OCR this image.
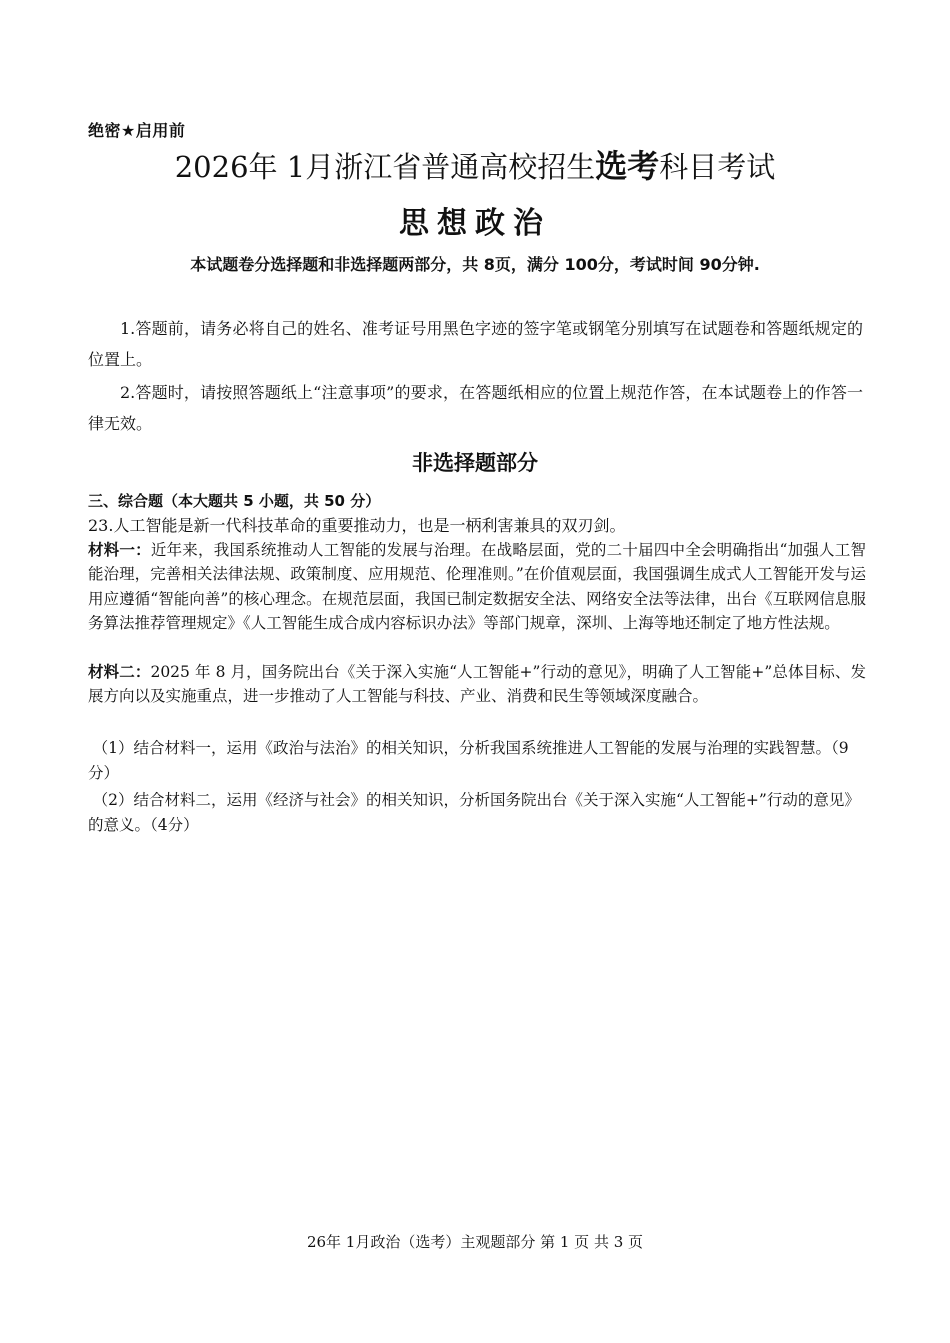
绝密★启用前
2026年 1月浙江省普通高校招生选考科目考试
思想政治
本试题卷分选择题和非选择题两部分，共 8页，满分 100分，考试时间 90分钟.
1.答题前，请务必将自己的姓名、准考证号用黑色字迹的签字笔或钢笔分别填写在试题卷和答题纸规定的位置上。
2.答题时，请按照答题纸上“注意事项”的要求，在答题纸相应的位置上规范作答，在本试题卷上的作答一律无效。
非选择题部分
三、综合题（本大题共 5 小题，共 50 分）
23.人工智能是新一代科技革命的重要推动力，也是一柄利害兼具的双刃剑。
材料一：近年来，我国系统推动人工智能的发展与治理。在战略层面，党的二十届四中全会明确指出“加强人工智能治理，完善相关法律法规、政策制度、应用规范、伦理准则。”在价值观层面，我国强调生成式人工智能开发与运用应遵循“智能向善”的核心理念。在规范层面，我国已制定数据安全法、网络安全法等法律，出台《互联网信息服务算法推荐管理规定》《人工智能生成合成内容标识办法》等部门规章，深圳、上海等地还制定了地方性法规。
材料二：2025 年 8 月，国务院出台《关于深入实施“人工智能+”行动的意见》，明确了人工智能+”总体目标、发展方向以及实施重点，进一步推动了人工智能与科技、产业、消费和民生等领域深度融合。
（1）结合材料一，运用《政治与法治》的相关知识，分析我国系统推进人工智能的发展与治理的实践智慧。（9分）
（2）结合材料二，运用《经济与社会》的相关知识，分析国务院出台《关于深入实施“人工智能+”行动的意见》的意义。（4分）
26年 1月政治（选考）主观题部分 第 1 页 共 3 页
